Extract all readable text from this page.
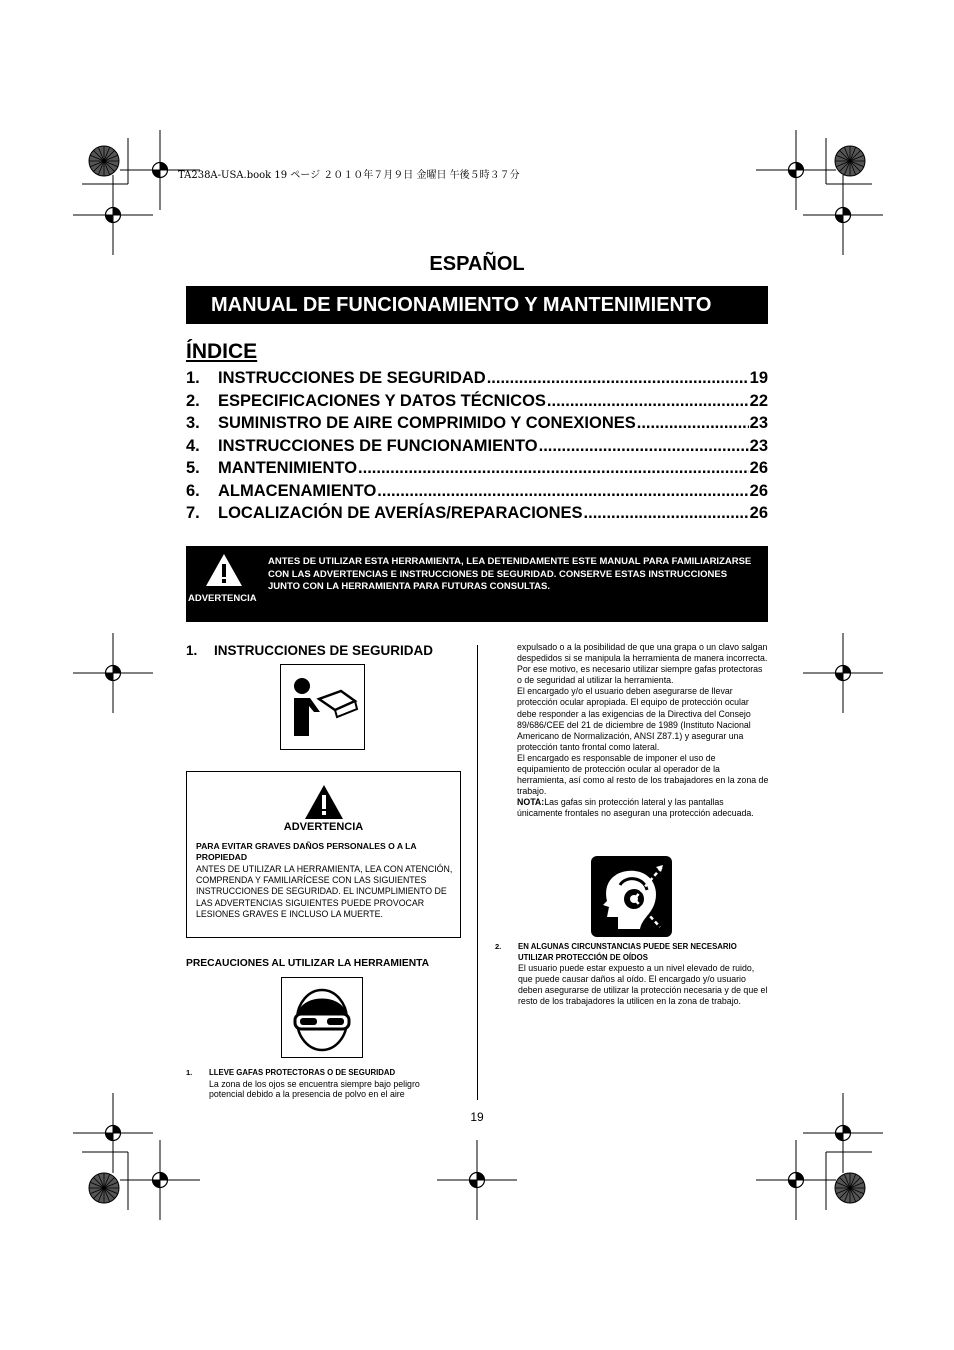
TA238A-USA.book 19 ページ ２０１０年７月９日 金曜日 午後５時３７分
ESPAÑOL
MANUAL DE FUNCIONAMIENTO Y MANTENIMIENTO
ÍNDICE
1.	INSTRUCCIONES DE SEGURIDAD .....	19
2.	ESPECIFICACIONES Y DATOS TÉCNICOS .....	22
3.	SUMINISTRO DE AIRE COMPRIMIDO Y CONEXIONES .....	23
4.	INSTRUCCIONES DE FUNCIONAMIENTO .....	23
5.	MANTENIMIENTO .....	26
6.	ALMACENAMIENTO .....	26
7.	LOCALIZACIÓN DE AVERÍAS/REPARACIONES .....	26
ADVERTENCIA
ANTES DE UTILIZAR ESTA HERRAMIENTA, LEA DETENIDAMENTE ESTE MANUAL PARA FAMILIARIZARSE CON LAS ADVERTENCIAS E INSTRUCCIONES DE SEGURIDAD. CONSERVE ESTAS INSTRUCCIONES JUNTO CON LA HERRAMIENTA PARA FUTURAS CONSULTAS.
1. INSTRUCCIONES DE SEGURIDAD
ADVERTENCIA
PARA EVITAR GRAVES DAÑOS PERSONALES O A LA PROPIEDAD
ANTES DE UTILIZAR LA HERRAMIENTA, LEA CON ATENCIÓN, COMPRENDA Y FAMILIARÍCESE CON LAS SIGUIENTES INSTRUCCIONES DE SEGURIDAD. EL INCUMPLIMIENTO DE LAS ADVERTENCIAS SIGUIENTES PUEDE PROVOCAR LESIONES GRAVES E INCLUSO LA MUERTE.
PRECAUCIONES AL UTILIZAR LA HERRAMIENTA
1. LLEVE GAFAS PROTECTORAS O DE SEGURIDAD
La zona de los ojos se encuentra siempre bajo peligro potencial debido a la presencia de polvo en el aire
expulsado o a la posibilidad de que una grapa o un clavo salgan despedidos si se manipula la herramienta de manera incorrecta. Por ese motivo, es necesario utilizar siempre gafas protectoras o de seguridad al utilizar la herramienta.
El encargado y/o el usuario deben asegurarse de llevar protección ocular apropiada. El equipo de protección ocular debe responder a las exigencias de la Directiva del Consejo 89/686/CEE del 21 de diciembre de 1989 (Instituto Nacional Americano de Normalización, ANSI Z87.1) y asegurar una protección tanto frontal como lateral.
El encargado es responsable de imponer el uso de equipamiento de protección ocular al operador de la herramienta, así como al resto de los trabajadores en la zona de trabajo.
NOTA:Las gafas sin protección lateral y las pantallas únicamente frontales no aseguran una protección adecuada.
2. EN ALGUNAS CIRCUNSTANCIAS PUEDE SER NECESARIO UTILIZAR PROTECCIÓN DE OÍDOS
El usuario puede estar expuesto a un nivel elevado de ruido, que puede causar daños al oído. El encargado y/o usuario deben asegurarse de utilizar la protección necesaria y de que el resto de los trabajadores la utilicen en la zona de trabajo.
19
